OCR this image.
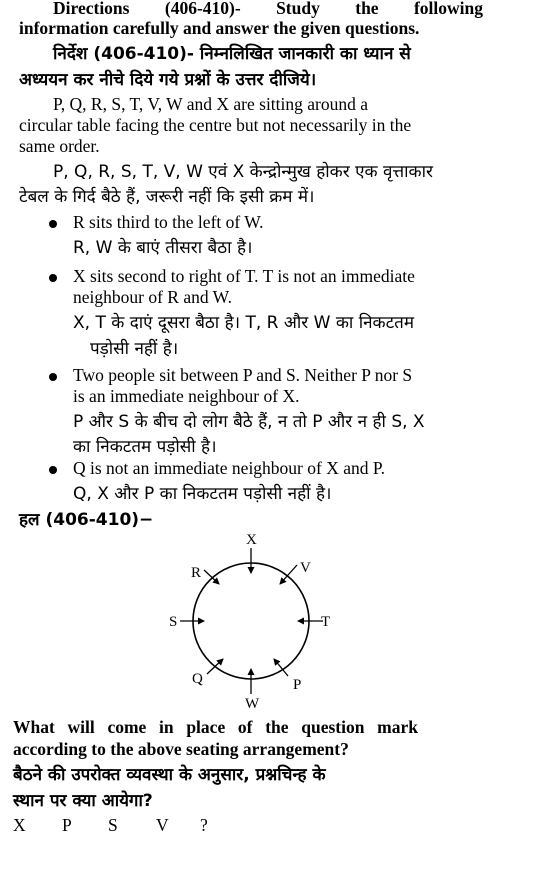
Directions (406-410)- Study the following
information carefully and answer the given questions.
निर्देश (406-410)- निम्नलिखित जानकारी का ध्यान से
अध्ययन कर नीचे दिये गये प्रश्नों के उत्तर दीजिये।
P, Q, R, S, T, V, W and X are sitting around a
circular table facing the centre but not necessarily in the
same order.
P, Q, R, S, T, V, W एवं X केन्द्रोन्मुख होकर एक वृत्ताकार
टेबल के गिर्द बैठे हैं, जरूरी नहीं कि इसी क्रम में।
R sits third to the left of W.
R, W के बाएं तीसरा बैठा है।
X sits second to right of T. T is not an immediate
neighbour of R and W.
X, T के दाएं दूसरा बैठा है। T, R और W का निकटतम
पड़ोसी नहीं है।
Two people sit between P and S. Neither P nor S
is an immediate neighbour of X.
P और S के बीच दो लोग बैठे हैं, न तो P और न ही S, X
का निकटतम पड़ोसी है।
Q is not an immediate neighbour of X and P.
Q, X और P का निकटतम पड़ोसी नहीं है।
हल (406-410)−
X
V
T
P
W
Q
S
R
What will come in place of the question mark
according to the above seating arrangement?
बैठने की उपरोक्त व्यवस्था के अनुसार, प्रश्नचिन्ह के
स्थान पर क्या आयेगा?
X P S V ?
